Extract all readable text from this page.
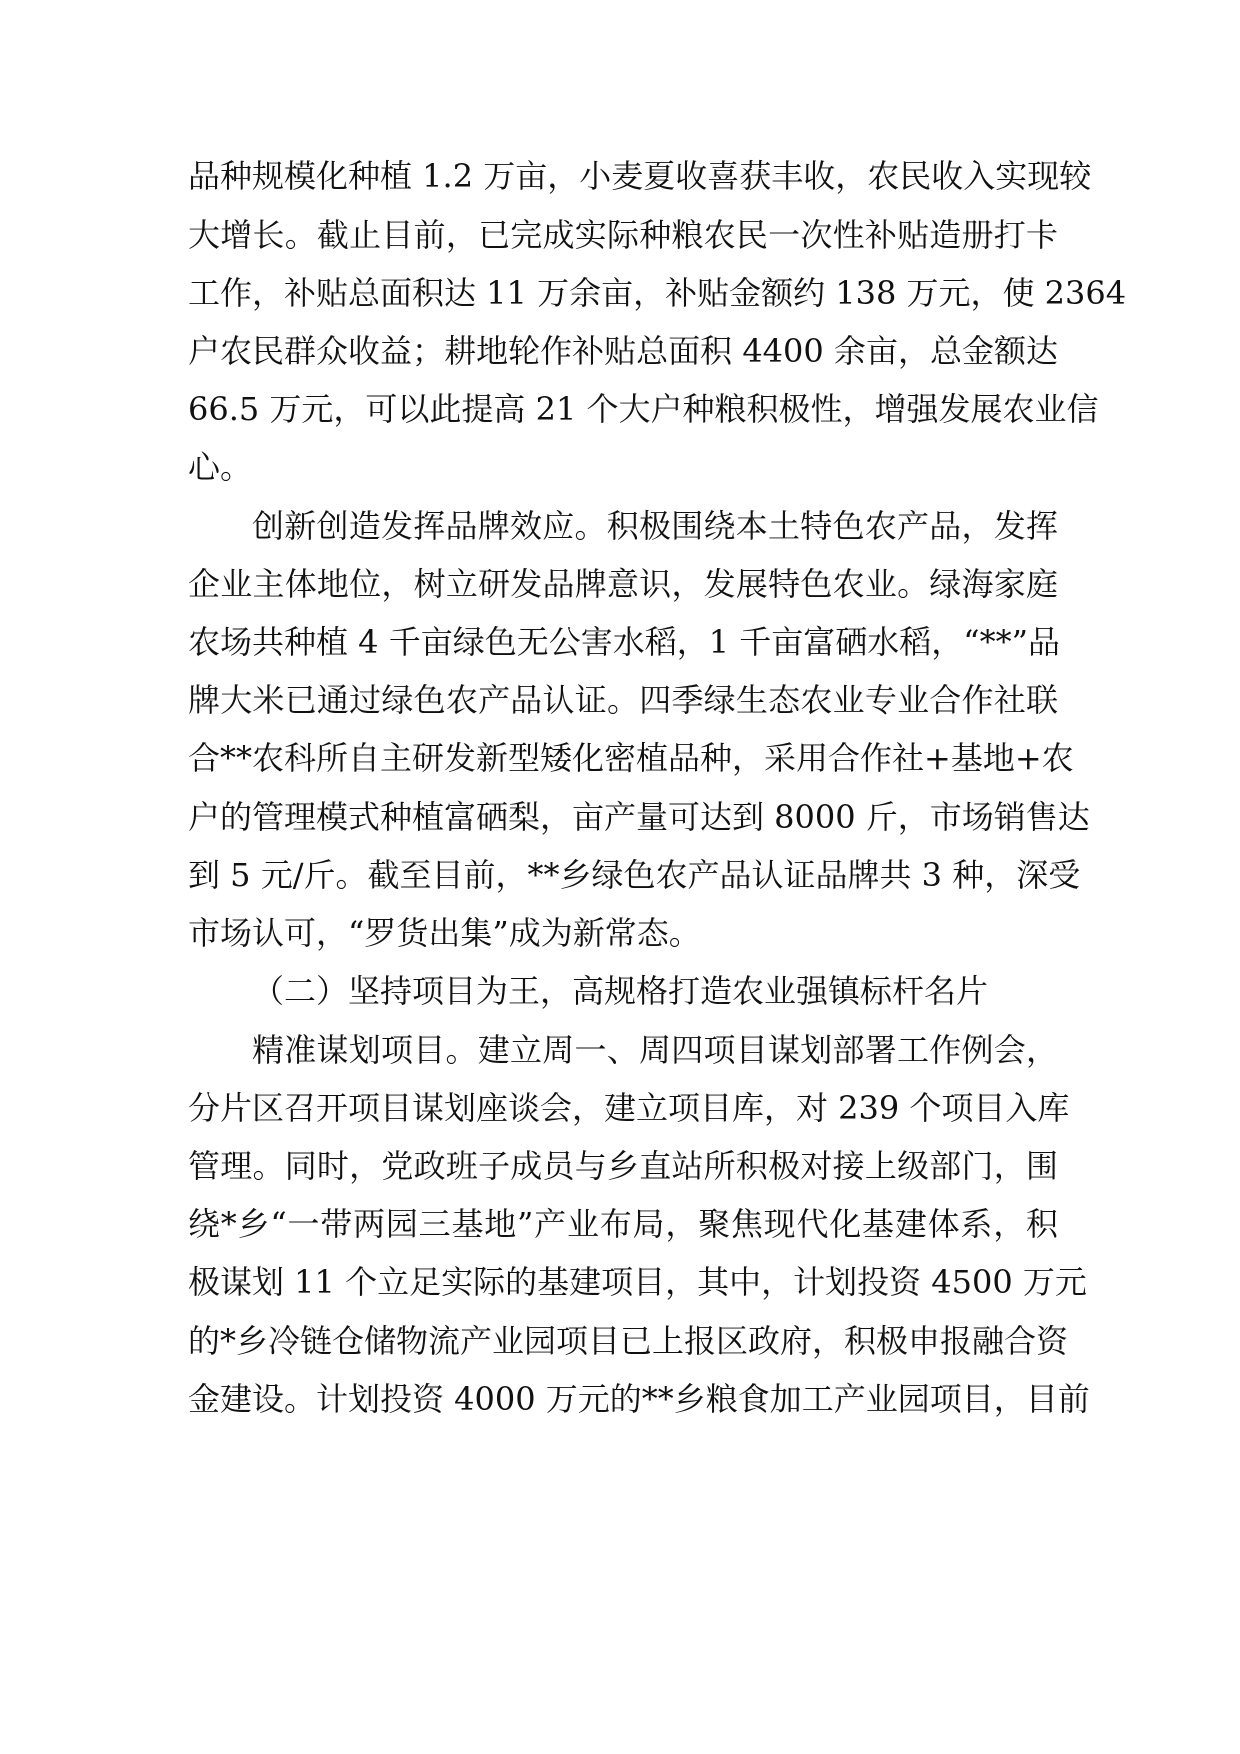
品种规模化种植 1.2 万亩，小麦夏收喜获丰收，农民收入实现较
大增长。截止目前，已完成实际种粮农民一次性补贴造册打卡
工作，补贴总面积达 11 万余亩，补贴金额约 138 万元，使 2364
户农民群众收益；耕地轮作补贴总面积 4400 余亩，总金额达
66.5 万元，可以此提高 21 个大户种粮积极性，增强发展农业信
心。
创新创造发挥品牌效应。积极围绕本土特色农产品，发挥
企业主体地位，树立研发品牌意识，发展特色农业。绿海家庭
农场共种植 4 千亩绿色无公害水稻，1 千亩富硒水稻，“**”品
牌大米已通过绿色农产品认证。四季绿生态农业专业合作社联
合**农科所自主研发新型矮化密植品种，采用合作社+基地+农
户的管理模式种植富硒梨，亩产量可达到 8000 斤，市场销售达
到 5 元/斤。截至目前，**乡绿色农产品认证品牌共 3 种，深受
市场认可，“罗货出集”成为新常态。
（二）坚持项目为王，高规格打造农业强镇标杆名片
精准谋划项目。建立周一、周四项目谋划部署工作例会，
分片区召开项目谋划座谈会，建立项目库，对 239 个项目入库
管理。同时，党政班子成员与乡直站所积极对接上级部门，围
绕*乡“一带两园三基地”产业布局，聚焦现代化基建体系，积
极谋划 11 个立足实际的基建项目，其中，计划投资 4500 万元
的*乡冷链仓储物流产业园项目已上报区政府，积极申报融合资
金建设。计划投资 4000 万元的**乡粮食加工产业园项目，目前
